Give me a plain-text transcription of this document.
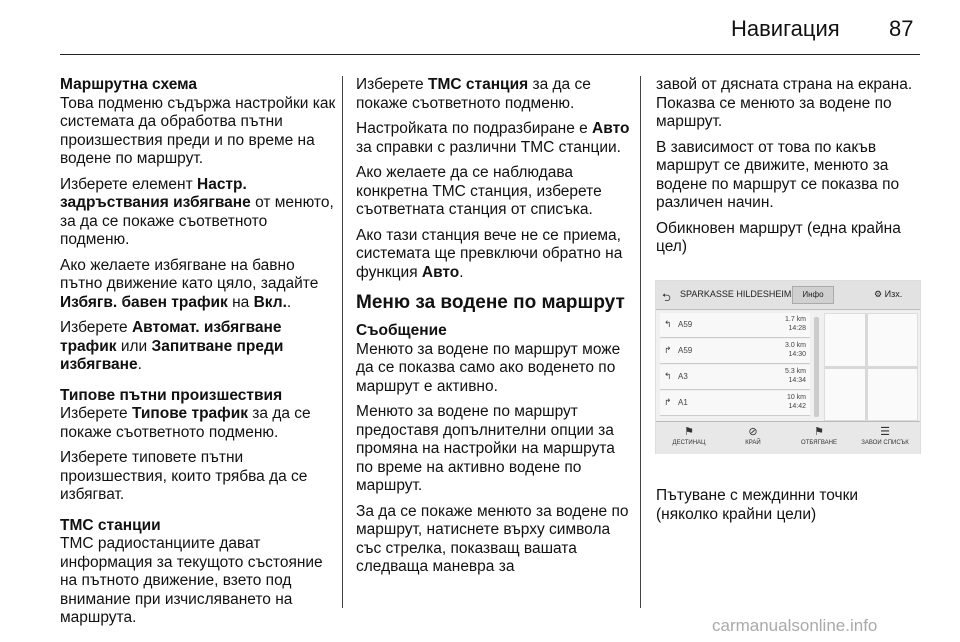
Навигация 87

Маршрутна схема
Това подменю съдържа настройки как системата да обработва пътни произшествия преди и по време на водене по маршрут.

Изберете елемент Настр. задръствания избягване от менюто, за да се покаже съответното подменю.

Ако желаете избягване на бавно пътно движение като цяло, задайте Избягв. бавен трафик на Вкл..

Изберете Автомат. избягване трафик или Запитване преди избягване.

Типове пътни произшествия
Изберете Типове трафик за да се покаже съответното подменю.

Изберете типовете пътни произшествия, които трябва да се избягват.

ТМС станции
ТМС радиостанциите дават информация за текущото състояние на пътното движение, взето под внимание при изчисляването на маршрута.

Изберете ТМС станция за да се покаже съответното подменю.

Настройката по подразбиране е Авто за справки с различни ТМС станции.

Ако желаете да се наблюдава конкретна ТМС станция, изберете съответната станция от списъка.

Ако тази станция вече не се приема, системата ще превключи обратно на функция Авто.

Меню за водене по маршрут

Съобщение
Менюто за водене по маршрут може да се показва само ако воденето по маршрут е активно.

Менюто за водене по маршрут предоставя допълнителни опции за промяна на настройки на маршрута по време на активно водене по маршрут.

За да се покаже менюто за водене по маршрут, натиснете върху символа със стрелка, показващ вашата следваща маневра за

завой от дясната страна на екрана. Показва се менюто за водене по маршрут.

В зависимост от това по какъв маршрут се движите, менюто за водене по маршрут се показва по различен начин.

Обикновен маршрут (една крайна цел)

⮌ SPARKASSE HILDESHEIM	Инфо	⚙ Изх.
↰ A59
1.7 km
14:28
↱ A59
3.0 km
14:30
↰ A3
5.3 km
14:34
↱ A1
10 km
14:42
⚑
ДЕСТИНАЦ
⊘
КРАЙ
⚑
ОТБЯГВАНЕ
☰
ЗАВОИ СПИСЪК
Пътуване с междинни точки (няколко крайни цели)
carmanualsonline.info
